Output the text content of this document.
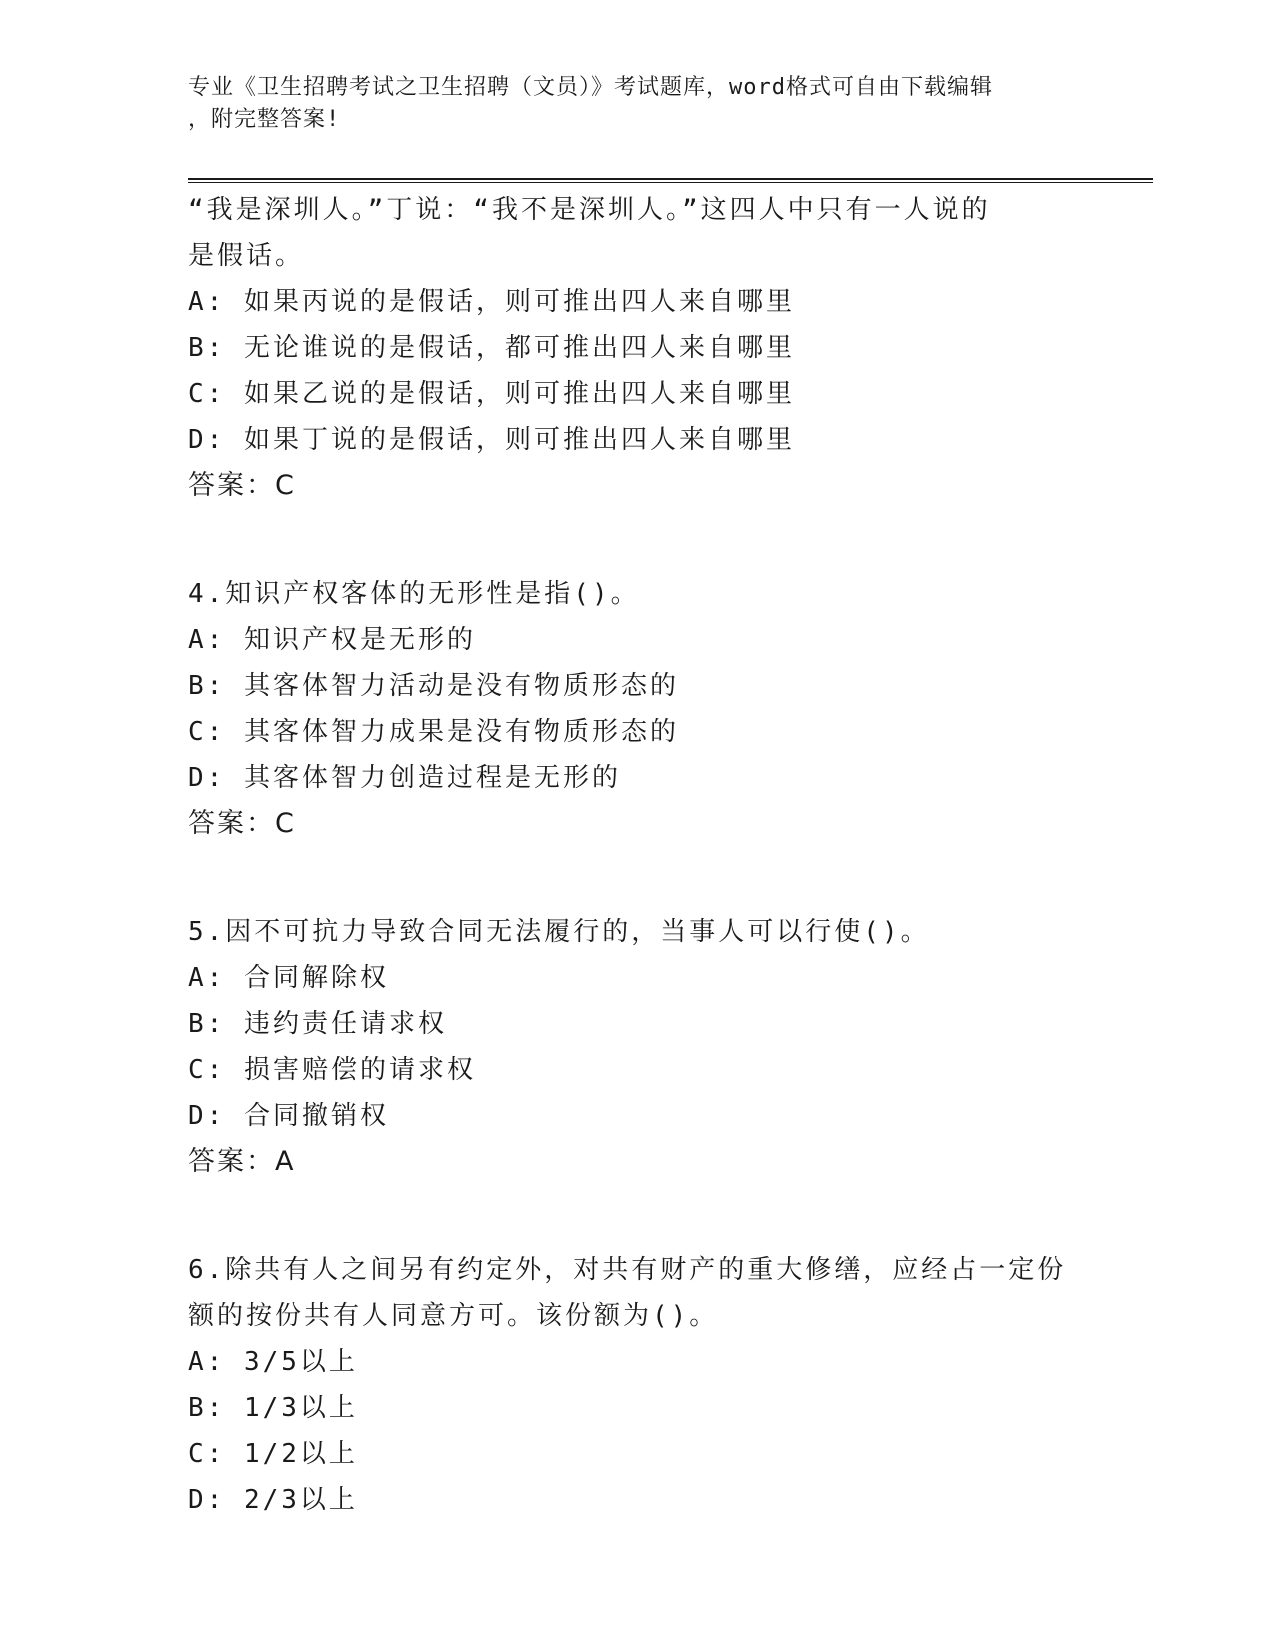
专业《卫生招聘考试之卫生招聘（文员）》考试题库，word格式可自由下载编辑
，附完整答案!
“我是深圳人。”丁说：“我不是深圳人。”这四人中只有一人说的
是假话。
A: 如果丙说的是假话，则可推出四人来自哪里
B: 无论谁说的是假话，都可推出四人来自哪里
C: 如果乙说的是假话，则可推出四人来自哪里
D: 如果丁说的是假话，则可推出四人来自哪里
答案：C
4.知识产权客体的无形性是指()。
A: 知识产权是无形的
B: 其客体智力活动是没有物质形态的
C: 其客体智力成果是没有物质形态的
D: 其客体智力创造过程是无形的
答案：C
5.因不可抗力导致合同无法履行的，当事人可以行使()。
A: 合同解除权
B: 违约责任请求权
C: 损害赔偿的请求权
D: 合同撤销权
答案：A
6.除共有人之间另有约定外，对共有财产的重大修缮，应经占一定份
额的按份共有人同意方可。该份额为()。
A: 3/5以上
B: 1/3以上
C: 1/2以上
D: 2/3以上
